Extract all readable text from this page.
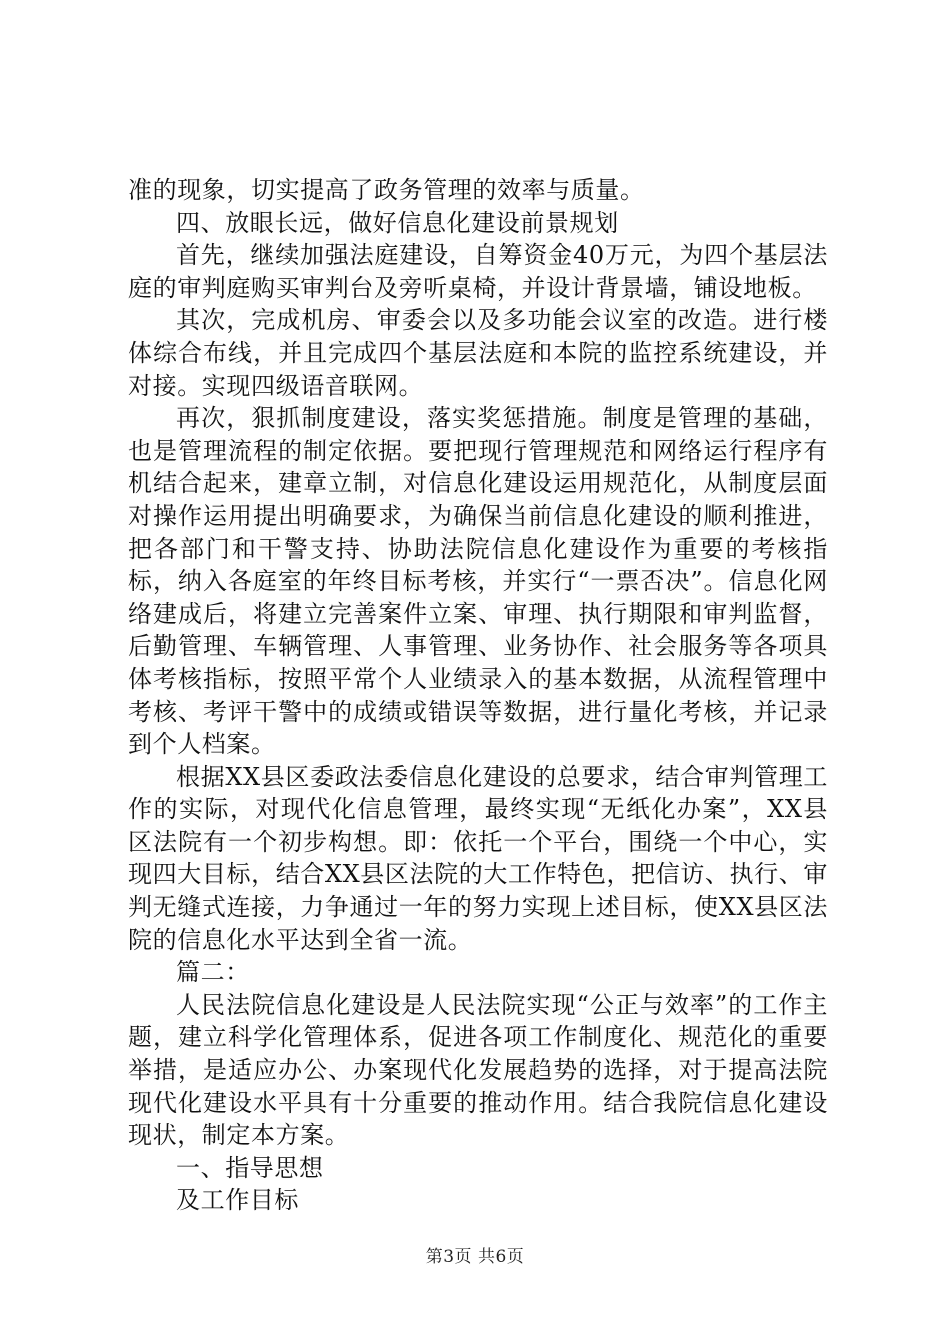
准的现象，切实提高了政务管理的效率与质量。

四、放眼长远，做好信息化建设前景规划

首先，继续加强法庭建设，自筹资金40万元，为四个基层法庭的审判庭购买审判台及旁听桌椅，并设计背景墙，铺设地板。

其次，完成机房、审委会以及多功能会议室的改造。进行楼体综合布线，并且完成四个基层法庭和本院的监控系统建设，并对接。实现四级语音联网。

再次，狠抓制度建设，落实奖惩措施。制度是管理的基础，也是管理流程的制定依据。要把现行管理规范和网络运行程序有机结合起来，建章立制，对信息化建设运用规范化，从制度层面对操作运用提出明确要求，为确保当前信息化建设的顺利推进，把各部门和干警支持、协助法院信息化建设作为重要的考核指标，纳入各庭室的年终目标考核，并实行“一票否决”。信息化网络建成后，将建立完善案件立案、审理、执行期限和审判监督，后勤管理、车辆管理、人事管理、业务协作、社会服务等各项具体考核指标，按照平常个人业绩录入的基本数据，从流程管理中考核、考评干警中的成绩或错误等数据，进行量化考核，并记录到个人档案。

根据XX县区委政法委信息化建设的总要求，结合审判管理工作的实际，对现代化信息管理，最终实现“无纸化办案”，XX县区法院有一个初步构想。即：依托一个平台，围绕一个中心，实现四大目标，结合XX县区法院的大工作特色，把信访、执行、审判无缝式连接，力争通过一年的努力实现上述目标，使XX县区法院的信息化水平达到全省一流。

篇二：

人民法院信息化建设是人民法院实现“公正与效率”的工作主题，建立科学化管理体系，促进各项工作制度化、规范化的重要举措，是适应办公、办案现代化发展趋势的选择，对于提高法院现代化建设水平具有十分重要的推动作用。结合我院信息化建设现状，制定本方案。

一、指导思想

及工作目标

第3页 共6页
